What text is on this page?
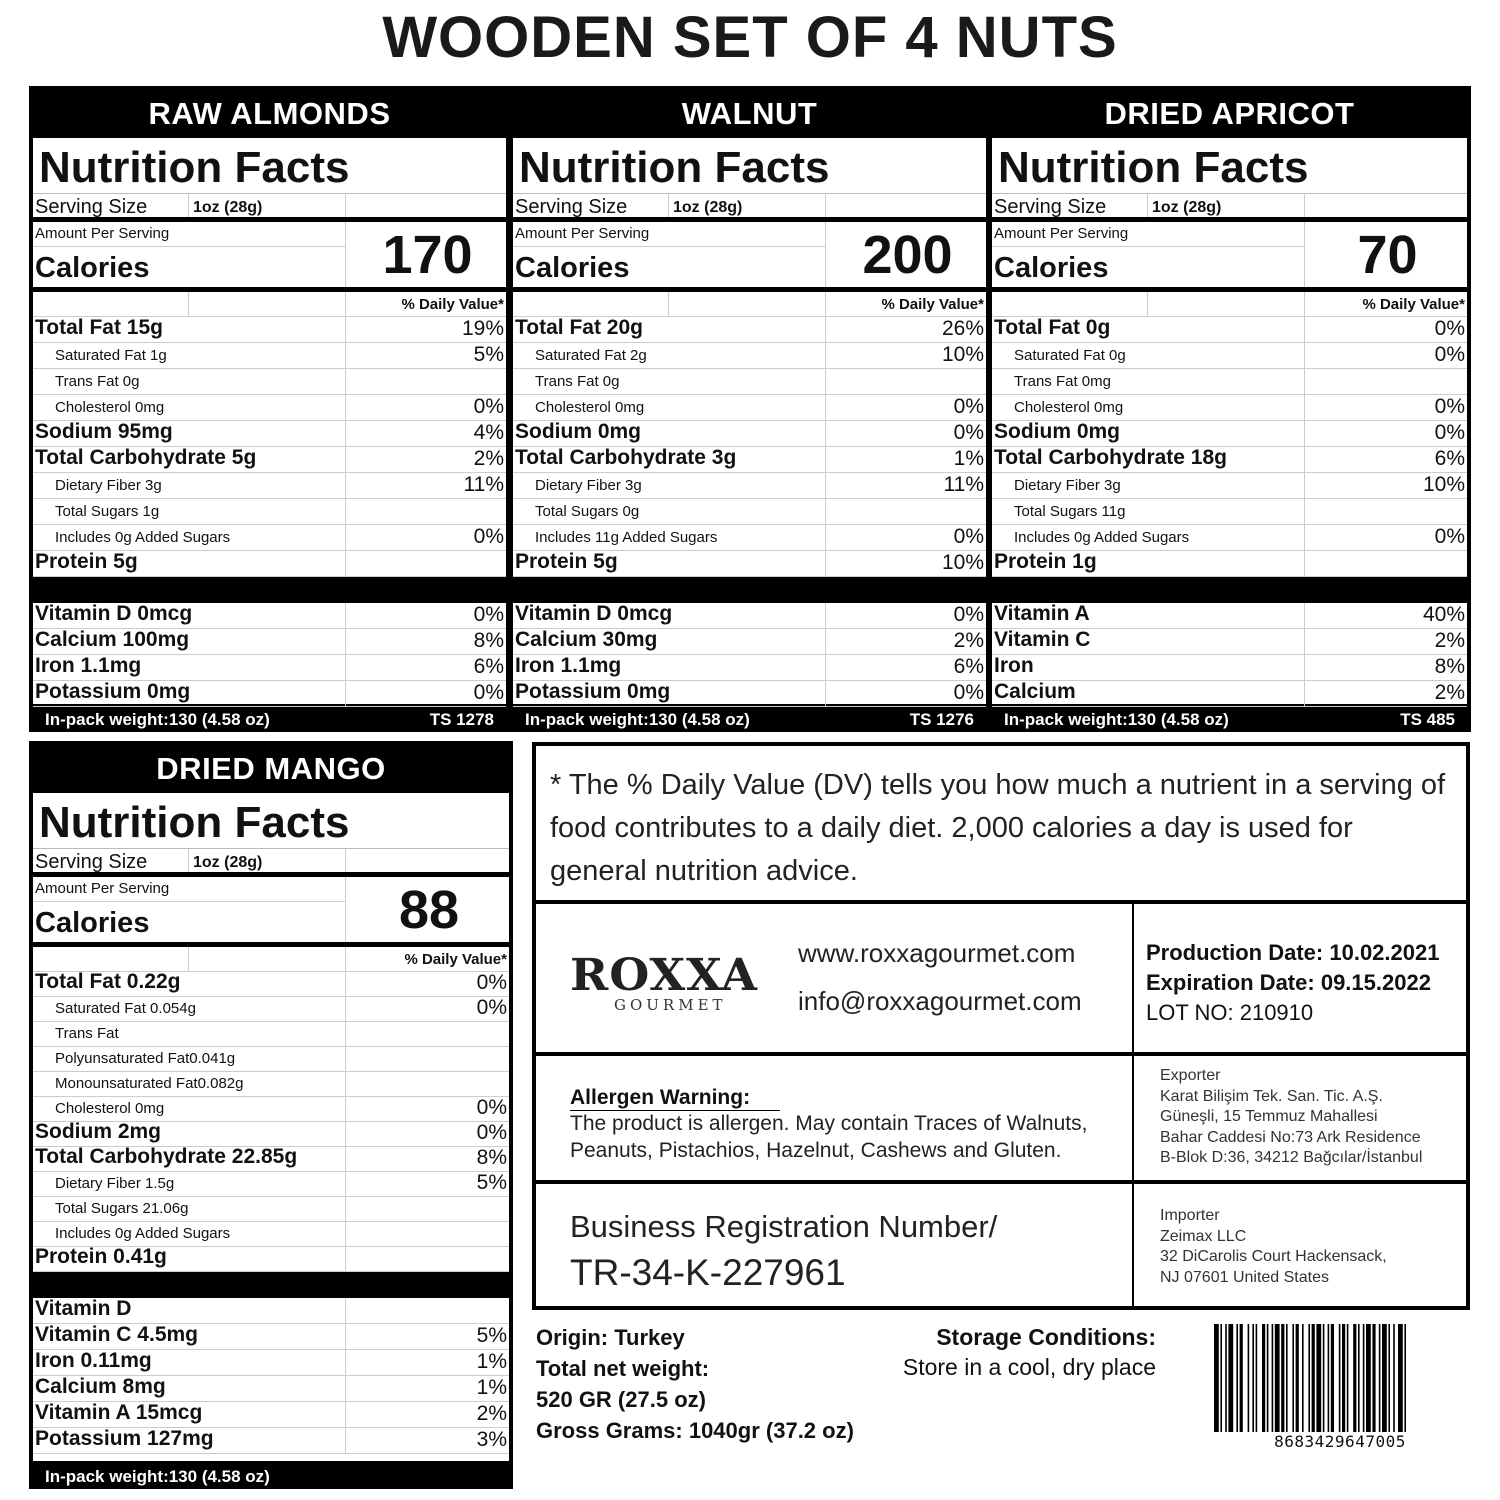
WOODEN SET OF 4 NUTS
RAW ALMONDS
Nutrition Facts
Serving Size	1oz (28g)
Amount Per Serving
Calories	170
% Daily Value*
Total Fat 15g	19%
Saturated Fat 1g	5%
Trans Fat 0g
Cholesterol 0mg	0%
Sodium 95mg	4%
Total Carbohydrate 5g	2%
Dietary Fiber 3g	11%
Total Sugars 1g
Includes 0g Added Sugars	0%
Protein 5g
Vitamin D 0mcg	0%
Calcium 100mg	8%
Iron 1.1mg	6%
Potassium 0mg	0%
In-pack weight:130 (4.58 oz)	TS 1278
WALNUT
Nutrition Facts
Serving Size	1oz (28g)
Amount Per Serving
Calories	200
% Daily Value*
Total Fat 20g	26%
Saturated Fat 2g	10%
Trans Fat 0g
Cholesterol 0mg	0%
Sodium 0mg	0%
Total Carbohydrate 3g	1%
Dietary Fiber 3g	11%
Total Sugars 0g
Includes 11g Added Sugars	0%
Protein 5g	10%
Vitamin D 0mcg	0%
Calcium 30mg	2%
Iron 1.1mg	6%
Potassium 0mg	0%
In-pack weight:130 (4.58 oz)	TS 1276
DRIED APRICOT
Nutrition Facts
Serving Size	1oz (28g)
Amount Per Serving
Calories	70
% Daily Value*
Total Fat 0g	0%
Saturated Fat 0g	0%
Trans Fat 0mg
Cholesterol 0mg	0%
Sodium 0mg	0%
Total Carbohydrate 18g	6%
Dietary Fiber 3g	10%
Total Sugars 11g
Includes 0g Added Sugars	0%
Protein 1g
Vitamin A	40%
Vitamin C	2%
Iron	8%
Calcium	2%
In-pack weight:130 (4.58 oz)	TS 485
DRIED MANGO
Nutrition Facts
Serving Size	1oz (28g)
Amount Per Serving
Calories	88
% Daily Value*
Total Fat 0.22g	0%
Saturated Fat 0.054g	0%
Trans Fat
Polyunsaturated Fat0.041g
Monounsaturated Fat0.082g
Cholesterol 0mg	0%
Sodium 2mg	0%
Total Carbohydrate 22.85g	8%
Dietary Fiber 1.5g	5%
Total Sugars 21.06g
Includes 0g Added Sugars
Protein 0.41g
Vitamin D
Vitamin C 4.5mg	5%
Iron 0.11mg	1%
Calcium 8mg	1%
Vitamin A 15mcg	2%
Potassium 127mg	3%
In-pack weight:130 (4.58 oz)
* The % Daily Value (DV) tells you how much a nutrient in a serving of food contributes to a daily diet. 2,000 calories a day is used for general nutrition advice.
ROXXA
GOURMET
www.roxxagourmet.com
info@roxxagourmet.com
Production Date: 10.02.2021
Expiration Date: 09.15.2022
LOT NO: 210910
Allergen Warning:
The product is allergen. May contain Traces of Walnuts, Peanuts, Pistachios, Hazelnut, Cashews and Gluten.
Exporter
Karat Bilişim Tek. San. Tic. A.Ş.
Güneşli, 15 Temmuz Mahallesi
Bahar Caddesi No:73 Ark Residence
B-Blok D:36, 34212 Bağcılar/İstanbul
Business Registration Number/
TR-34-K-227961
Importer
Zeimax LLC
32 DiCarolis Court Hackensack,
NJ 07601 United States
Origin: Turkey
Total net weight:
520 GR (27.5 oz)
Gross Grams: 1040gr (37.2 oz)
Storage Conditions:
Store in a cool, dry place
8683429647005
